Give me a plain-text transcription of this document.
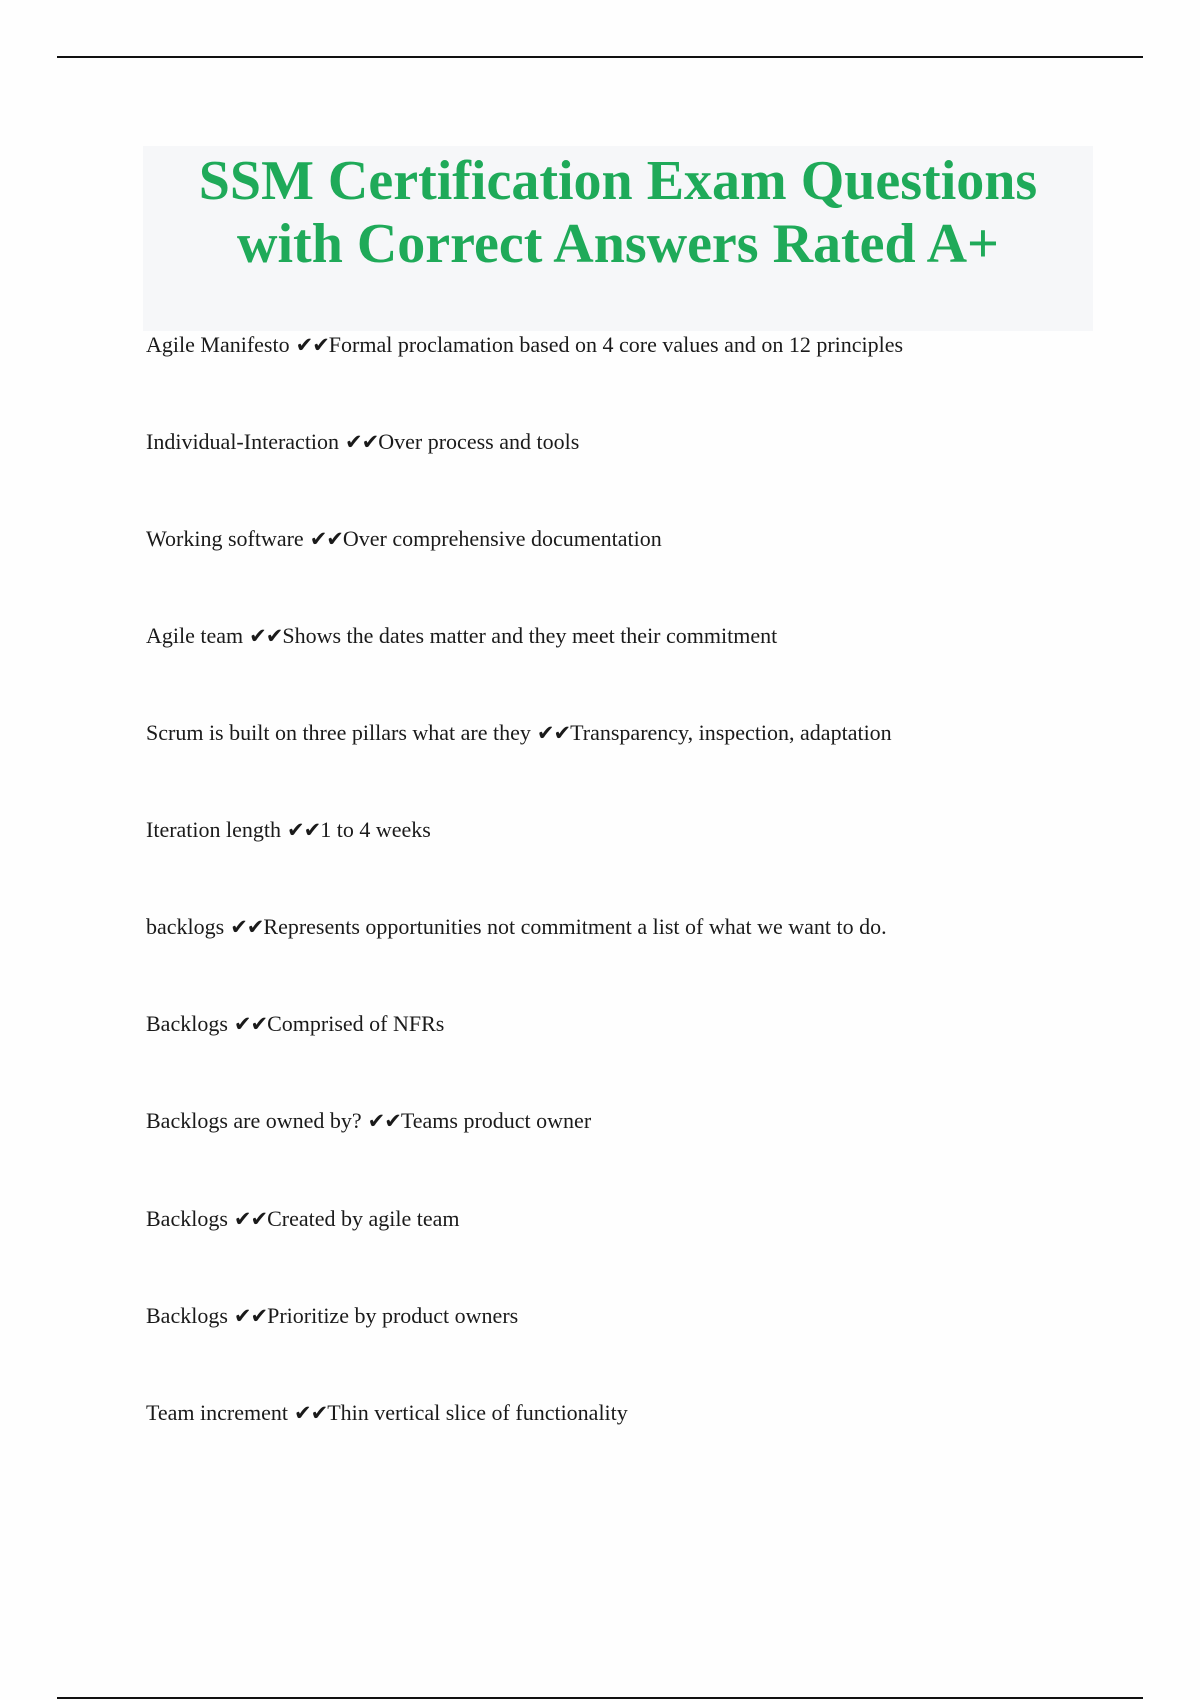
SSM Certification Exam Questions
with Correct Answers Rated A+
Agile Manifesto ✔✔Formal proclamation based on 4 core values and on 12 principles
Individual-Interaction ✔✔Over process and tools
Working software ✔✔Over comprehensive documentation
Agile team ✔✔Shows the dates matter and they meet their commitment
Scrum is built on three pillars what are they ✔✔Transparency, inspection, adaptation
Iteration length ✔✔1 to 4 weeks
backlogs ✔✔Represents opportunities not commitment a list of what we want to do.
Backlogs ✔✔Comprised of NFRs
Backlogs are owned by? ✔✔Teams product owner
Backlogs ✔✔Created by agile team
Backlogs ✔✔Prioritize by product owners
Team increment ✔✔Thin vertical slice of functionality
